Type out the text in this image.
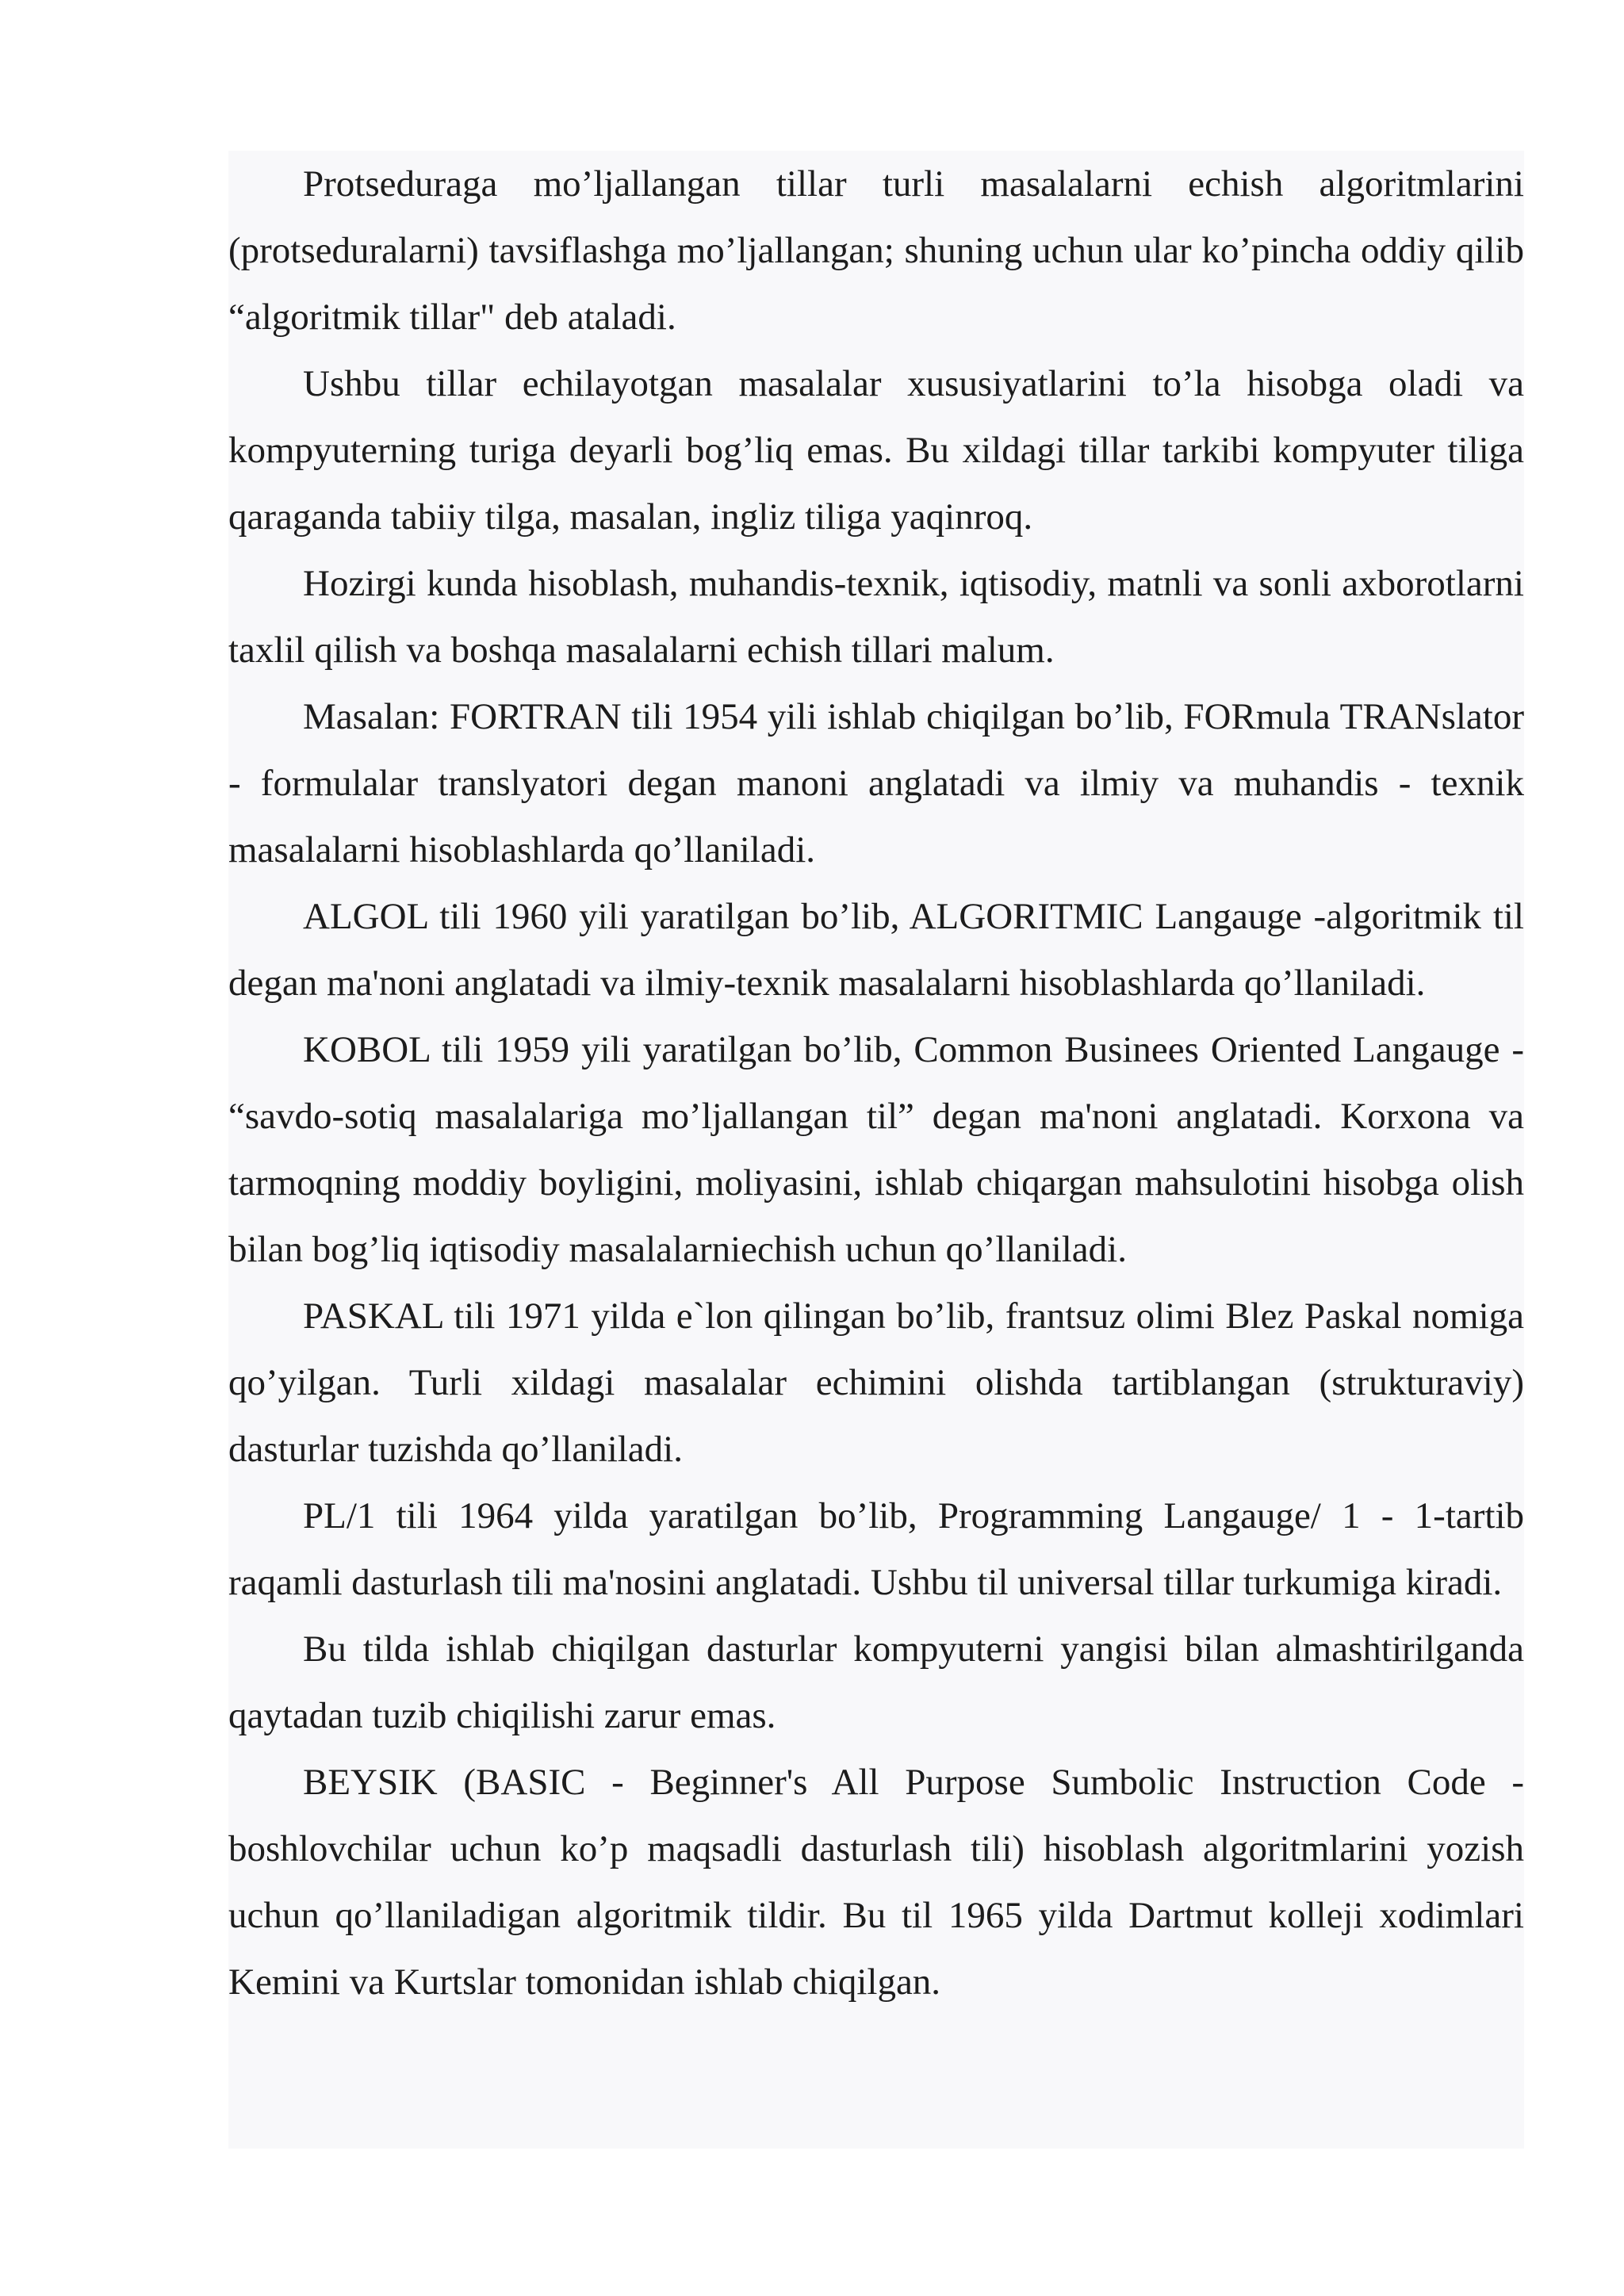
Protseduraga mo’ljallangan tillar turli masalalarni echish algoritmlarini (protseduralarni) tavsiflashga mo’ljallangan; shuning uchun ular ko’pincha oddiy qilib “algoritmik tillar" deb ataladi.

Ushbu tillar echilayotgan masalalar xususiyatlarini to’la hisobga oladi va kompyuterning turiga deyarli bog’liq emas. Bu xildagi tillar tarkibi kompyuter tiliga qaraganda tabiiy tilga, masalan, ingliz tiliga yaqinroq.

Hozirgi kunda hisoblash, muhandis-texnik, iqtisodiy, matnli va sonli axborotlarni taxlil qilish va boshqa masalalarni echish tillari malum.

Masalan: FORTRAN tili 1954 yili ishlab chiqilgan bo’lib, FORmula TRANslator - formulalar translyatori degan manoni anglatadi va ilmiy va muhandis - texnik masalalarni hisoblashlarda qo’llaniladi.

ALGOL tili 1960 yili yaratilgan bo’lib, ALGORITMIC Langauge -algoritmik til degan ma'noni anglatadi va ilmiy-texnik masalalarni hisoblashlarda qo’llaniladi.

KOBOL tili 1959 yili yaratilgan bo’lib, Common Businees Oriented Langauge - “savdo-sotiq masalalariga mo’ljallangan til” degan ma'noni anglatadi. Korxona va tarmoqning moddiy boyligini, moliyasini, ishlab chiqargan mahsulotini hisobga olish bilan bog’liq iqtisodiy masalalarniechish uchun qo’llaniladi.

PASKAL tili 1971 yilda e`lon qilingan bo’lib, frantsuz olimi Blez Paskal nomiga qo’yilgan. Turli xildagi masalalar echimini olishda tartiblangan (strukturaviy) dasturlar tuzishda qo’llaniladi.

PL/1 tili 1964 yilda yaratilgan bo’lib, Programming Langauge/ 1 - 1-tartib raqamli dasturlash tili ma'nosini anglatadi. Ushbu til universal tillar turkumiga kiradi.

Bu tilda ishlab chiqilgan dasturlar kompyuterni yangisi bilan almashtirilganda qaytadan tuzib chiqilishi zarur emas.

BEYSIK (BASIC - Beginner's All Purpose Sumbolic Instruction Code - boshlovchilar uchun ko’p maqsadli dasturlash tili) hisoblash algoritmlarini yozish uchun qo’llaniladigan algoritmik tildir. Bu til 1965 yilda Dartmut kolleji xodimlari Kemini va Kurtslar tomonidan ishlab chiqilgan.
